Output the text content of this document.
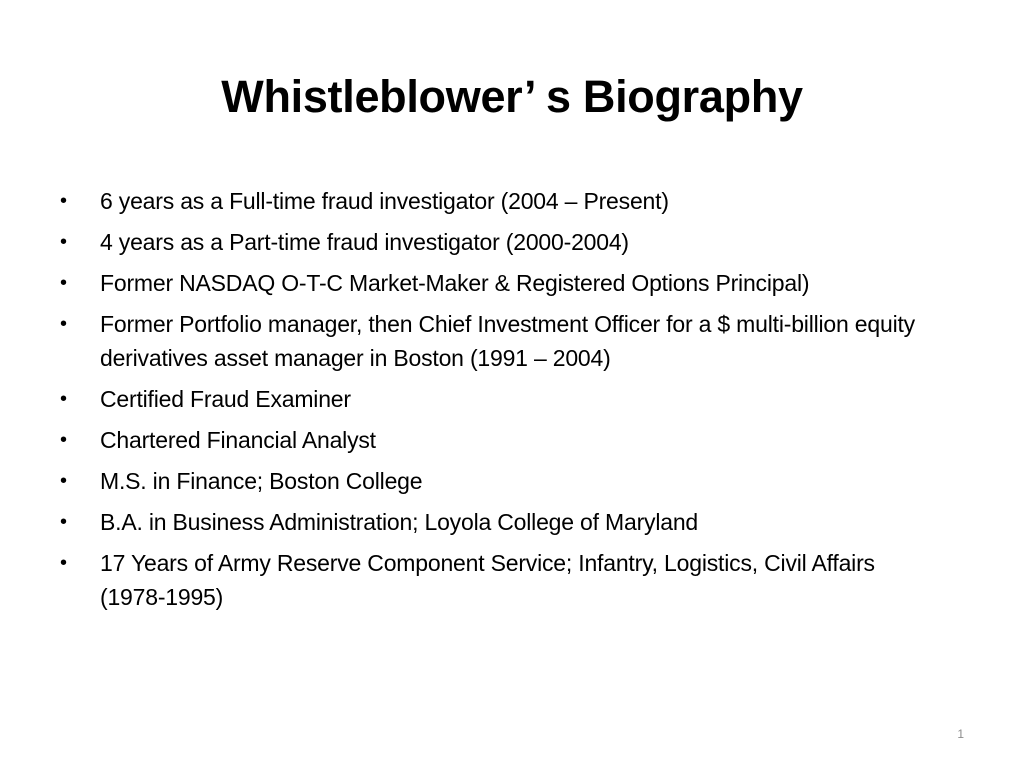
Whistleblower’ s Biography
• 6 years as a Full-time fraud investigator (2004 – Present)
• 4 years as a Part-time fraud investigator (2000-2004)
• Former NASDAQ O-T-C Market-Maker & Registered Options Principal)
• Former Portfolio manager, then Chief Investment Officer for a $ multi-billion equity derivatives asset manager in Boston (1991 – 2004)
• Certified Fraud Examiner
• Chartered Financial Analyst
• M.S. in Finance; Boston College
• B.A. in Business Administration; Loyola College of Maryland
• 17 Years of Army Reserve Component Service; Infantry, Logistics, Civil Affairs (1978-1995)
1
